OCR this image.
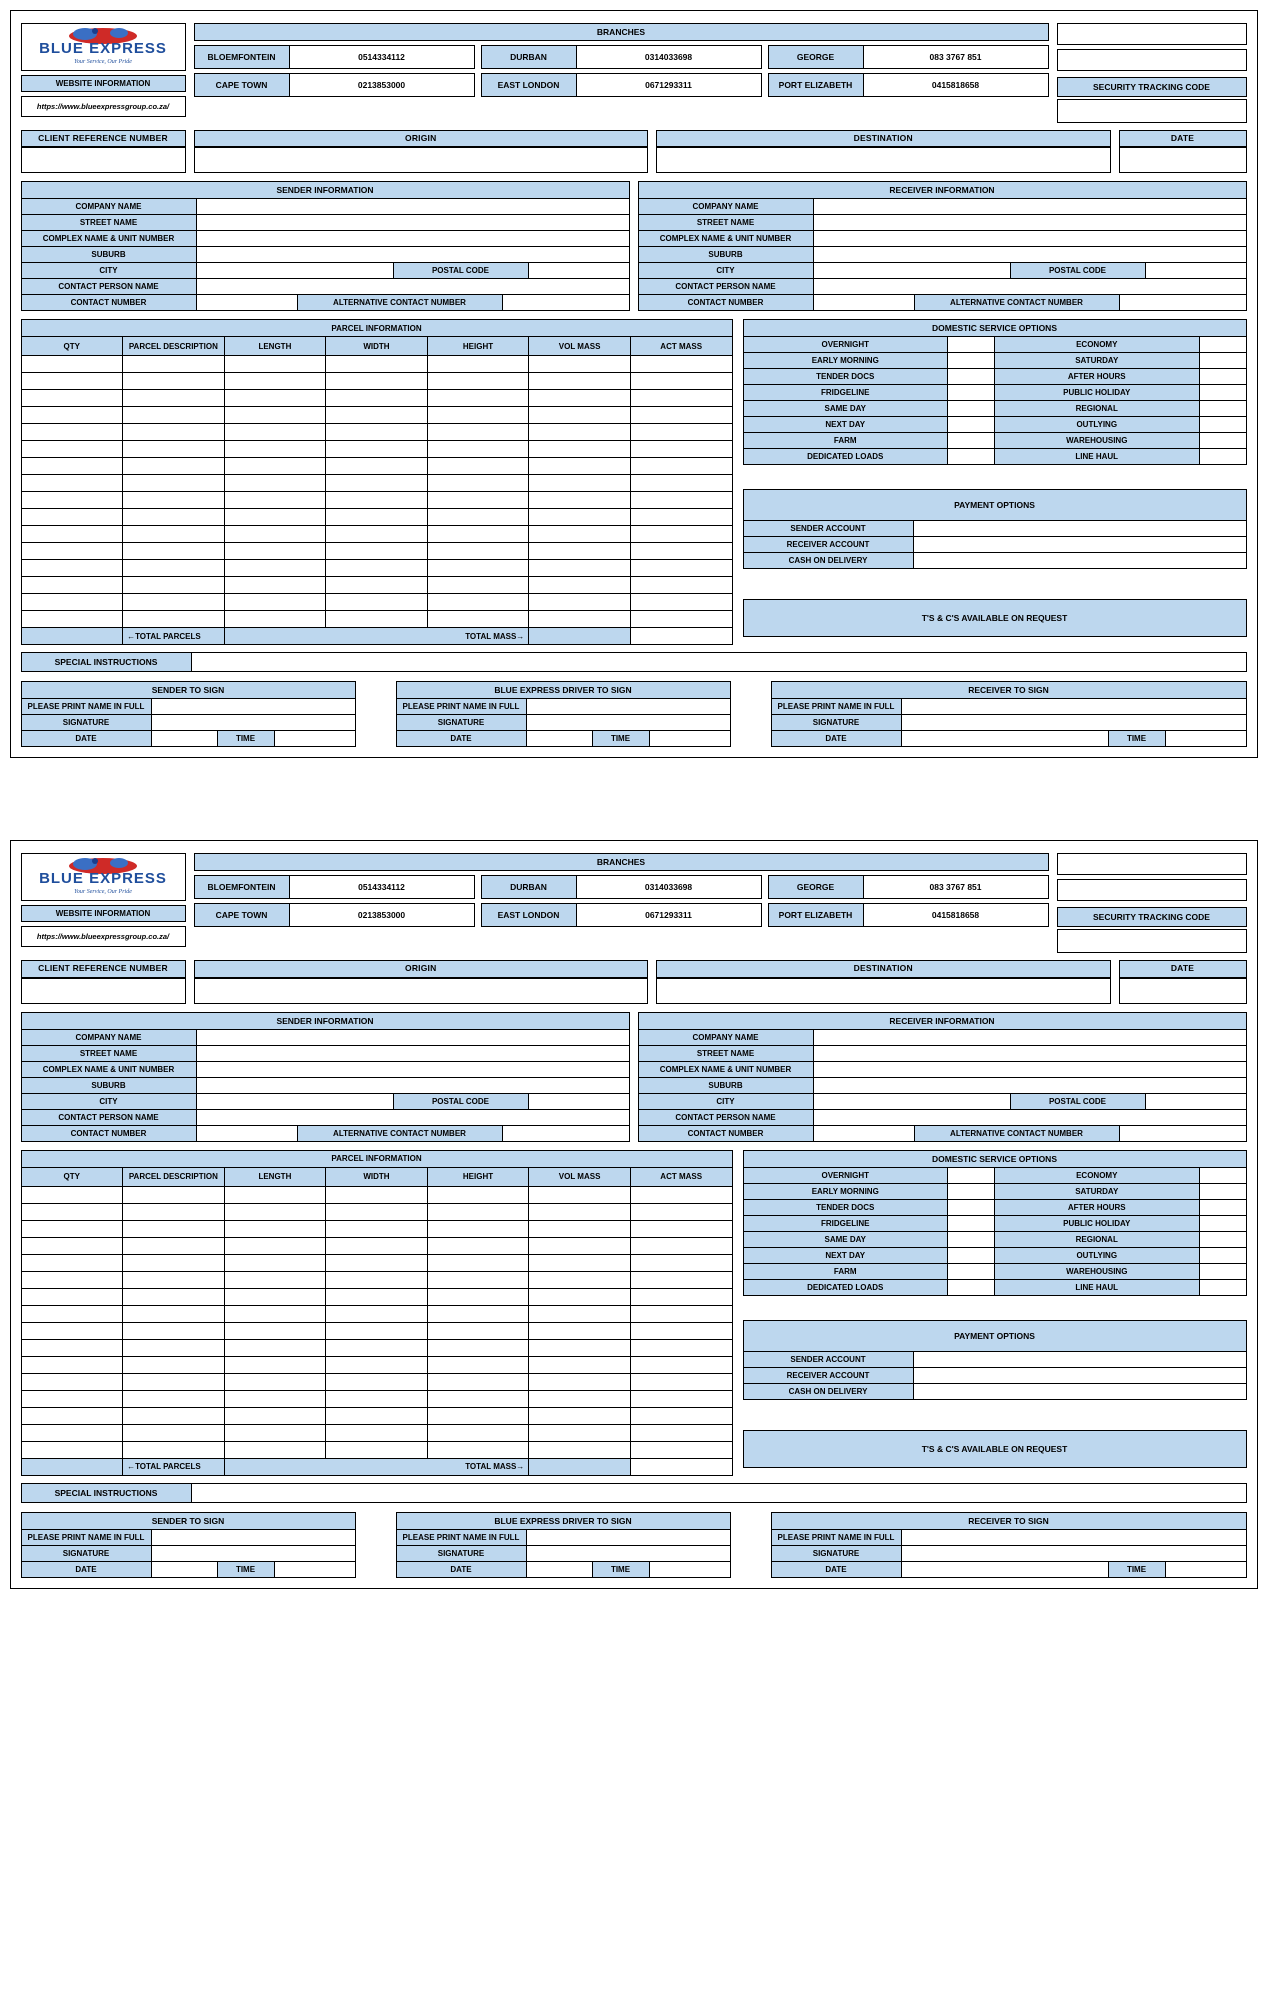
BLUE EXPRESS
Your Service, Our Pride
WEBSITE INFORMATION
https://www.blueexpressgroup.co.za/
BRANCHES
BLOEMFONTEIN	0514334112	DURBAN	0314033698	GEORGE	083 3767 851
CAPE TOWN	0213853000	EAST LONDON	0671293311	PORT ELIZABETH	0415818658	SECURITY TRACKING CODE
CLIENT REFERENCE NUMBER	ORIGIN	DESTINATION	DATE
SENDER INFORMATION
COMPANY NAME
STREET NAME
COMPLEX NAME & UNIT NUMBER
SUBURB
CITY	POSTAL CODE
CONTACT PERSON NAME
CONTACT NUMBER	ALTERNATIVE CONTACT NUMBER
RECEIVER INFORMATION
COMPANY NAME
STREET NAME
COMPLEX NAME & UNIT NUMBER
SUBURB
CITY	POSTAL CODE
CONTACT PERSON NAME
CONTACT NUMBER	ALTERNATIVE CONTACT NUMBER
PARCEL INFORMATION						
QTY	PARCEL DESCRIPTION	LENGTH	WIDTH	HEIGHT	VOL MASS	ACT MASS

	←TOTAL PARCELS	TOTAL MASS→				
DOMESTIC SERVICE OPTIONS
OVERNIGHT	ECONOMY
EARLY MORNING	SATURDAY
TENDER DOCS	AFTER HOURS
FRIDGELINE	PUBLIC HOLIDAY
SAME DAY	REGIONAL
NEXT DAY	OUTLYING
FARM	WAREHOUSING
DEDICATED LOADS	LINE HAUL
PAYMENT OPTIONS
SENDER ACCOUNT
RECEIVER ACCOUNT
CASH ON DELIVERY
T'S & C'S AVAILABLE ON REQUEST
SPECIAL INSTRUCTIONS
SENDER TO SIGN
PLEASE PRINT NAME IN FULL
SIGNATURE
DATE	TIME
BLUE EXPRESS DRIVER TO SIGN
PLEASE PRINT NAME IN FULL
SIGNATURE
DATE	TIME
RECEIVER TO SIGN
PLEASE PRINT NAME IN FULL
SIGNATURE
DATE	TIME
BLUE EXPRESS
Your Service, Our Pride
WEBSITE INFORMATION
https://www.blueexpressgroup.co.za/
BRANCHES
BLOEMFONTEIN	0514334112	DURBAN	0314033698	GEORGE	083 3767 851
CAPE TOWN	0213853000	EAST LONDON	0671293311	PORT ELIZABETH	0415818658	SECURITY TRACKING CODE
CLIENT REFERENCE NUMBER	ORIGIN	DESTINATION	DATE
SENDER INFORMATION
COMPANY NAME
STREET NAME
COMPLEX NAME & UNIT NUMBER
SUBURB
CITY	POSTAL CODE
CONTACT PERSON NAME
CONTACT NUMBER	ALTERNATIVE CONTACT NUMBER
RECEIVER INFORMATION
COMPANY NAME
STREET NAME
COMPLEX NAME & UNIT NUMBER
SUBURB
CITY	POSTAL CODE
CONTACT PERSON NAME
CONTACT NUMBER	ALTERNATIVE CONTACT NUMBER
PARCEL INFORMATION						
QTY	PARCEL DESCRIPTION	LENGTH	WIDTH	HEIGHT	VOL MASS	ACT MASS

	←TOTAL PARCELS	TOTAL MASS→				
DOMESTIC SERVICE OPTIONS
OVERNIGHT	ECONOMY
EARLY MORNING	SATURDAY
TENDER DOCS	AFTER HOURS
FRIDGELINE	PUBLIC HOLIDAY
SAME DAY	REGIONAL
NEXT DAY	OUTLYING
FARM	WAREHOUSING
DEDICATED LOADS	LINE HAUL
PAYMENT OPTIONS
SENDER ACCOUNT
RECEIVER ACCOUNT
CASH ON DELIVERY
T'S & C'S AVAILABLE ON REQUEST
SPECIAL INSTRUCTIONS
SENDER TO SIGN
PLEASE PRINT NAME IN FULL
SIGNATURE
DATE	TIME
BLUE EXPRESS DRIVER TO SIGN
PLEASE PRINT NAME IN FULL
SIGNATURE
DATE	TIME
RECEIVER TO SIGN
PLEASE PRINT NAME IN FULL
SIGNATURE
DATE	TIME
